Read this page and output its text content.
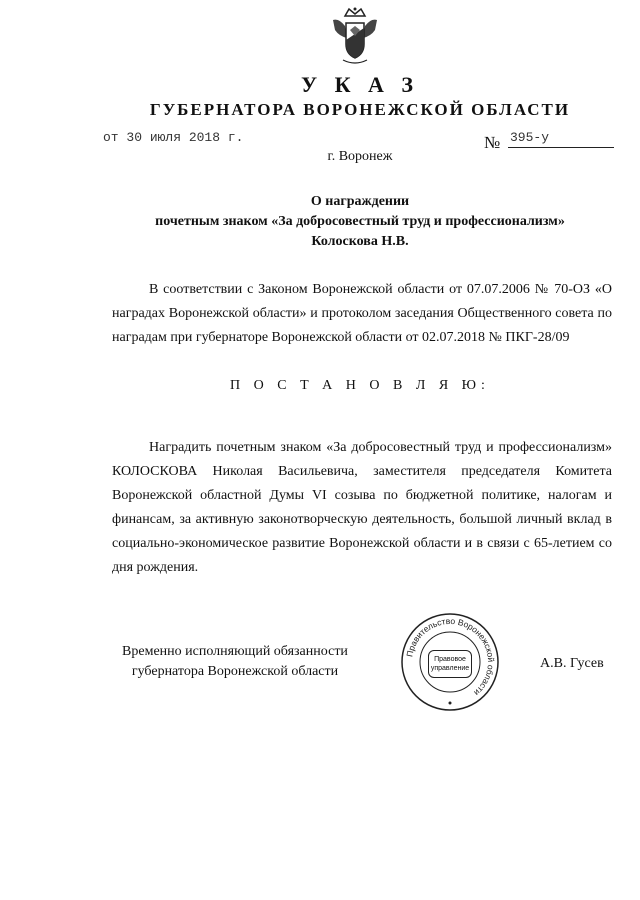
У К А З
ГУБЕРНАТОРА ВОРОНЕЖСКОЙ ОБЛАСТИ
от 30 июля 2018 г.	№ 395-у
г. Воронеж
О награждении
почетным знаком «За добросовестный труд и профессионализм»
Колоскова Н.В.
В соответствии с Законом Воронежской области от 07.07.2006 № 70-ОЗ «О наградах Воронежской области» и протоколом заседания Общественного совета по наградам при губернаторе Воронежской области от 02.07.2018 № ПКГ-28/09
П О С Т А Н О В Л Я Ю:
Наградить почетным знаком «За добросовестный труд и профессионализм» КОЛОСКОВА Николая Васильевича, заместителя председателя Комитета Воронежской областной Думы VI созыва по бюджетной политике, налогам и финансам, за активную законотворческую деятельность, большой личный вклад в социально-экономическое развитие Воронежской области и в связи с 65-летием со дня рождения.
Временно исполняющий обязанности
губернатора Воронежской области
Правительство Воронежской области
Правовое
управление	А.В. Гусев
